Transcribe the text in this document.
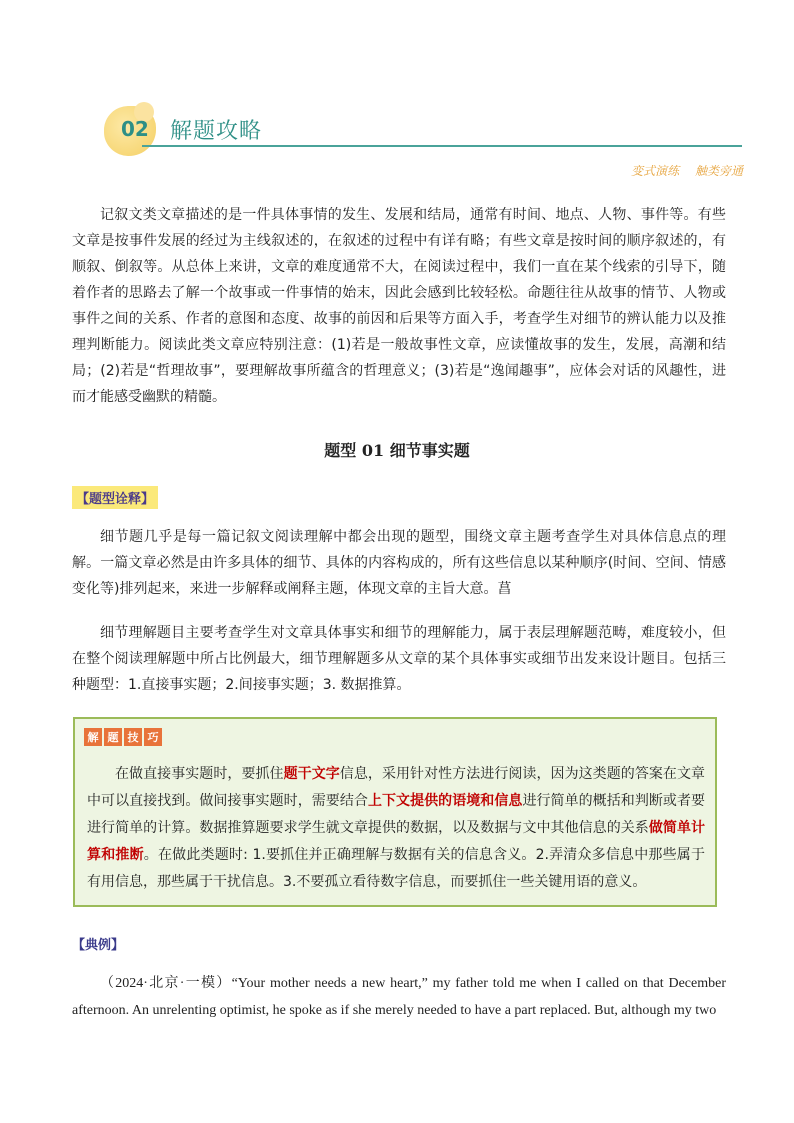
02 解题攻略
变式演练 触类旁通
记叙文类文章描述的是一件具体事情的发生、发展和结局，通常有时间、地点、人物、事件等。有些文章是按事件发展的经过为主线叙述的，在叙述的过程中有详有略；有些文章是按时间的顺序叙述的，有顺叙、倒叙等。从总体上来讲，文章的难度通常不大，在阅读过程中，我们一直在某个线索的引导下，随着作者的思路去了解一个故事或一件事情的始末，因此会感到比较轻松。命题往往从故事的情节、人物或事件之间的关系、作者的意图和态度、故事的前因和后果等方面入手，考查学生对细节的辨认能力以及推理判断能力。阅读此类文章应特别注意：(1)若是一般故事性文章，应读懂故事的发生，发展，高潮和结局；(2)若是“哲理故事”，要理解故事所蕴含的哲理意义；(3)若是“逸闻趣事”，应体会对话的风趣性，进而才能感受幽默的精髓。
题型 01 细节事实题
【题型诠释】
细节题几乎是每一篇记叙文阅读理解中都会出现的题型，围绕文章主题考查学生对具体信息点的理解。一篇文章必然是由许多具体的细节、具体的内容构成的，所有这些信息以某种顺序(时间、空间、情感变化等)排列起来，来进一步解释或阐释主题，体现文章的主旨大意。菖
细节理解题目主要考查学生对文章具体事实和细节的理解能力，属于表层理解题范畴，难度较小，但在整个阅读理解题中所占比例最大，细节理解题多从文章的某个具体事实或细节出发来设计题目。包括三种题型：1.直接事实题；2.间接事实题；3. 数据推算。
解 题 技 巧
在做直接事实题时，要抓住题干文字信息，采用针对性方法进行阅读，因为这类题的答案在文章中可以直接找到。做间接事实题时，需要结合上下文提供的语境和信息进行简单的概括和判断或者要进行简单的计算。数据推算题要求学生就文章提供的数据，以及数据与文中其他信息的关系做简单计算和推断。在做此类题时: 1.要抓住并正确理解与数据有关的信息含义。2.弄清众多信息中那些属于有用信息，那些属于干扰信息。3.不要孤立看待数字信息，而要抓住一些关键用语的意义。
【典例】
（2024·北京·一模）“Your mother needs a new heart,” my father told me when I called on that December afternoon. An unrelenting optimist, he spoke as if she merely needed to have a part replaced. But, although my two
